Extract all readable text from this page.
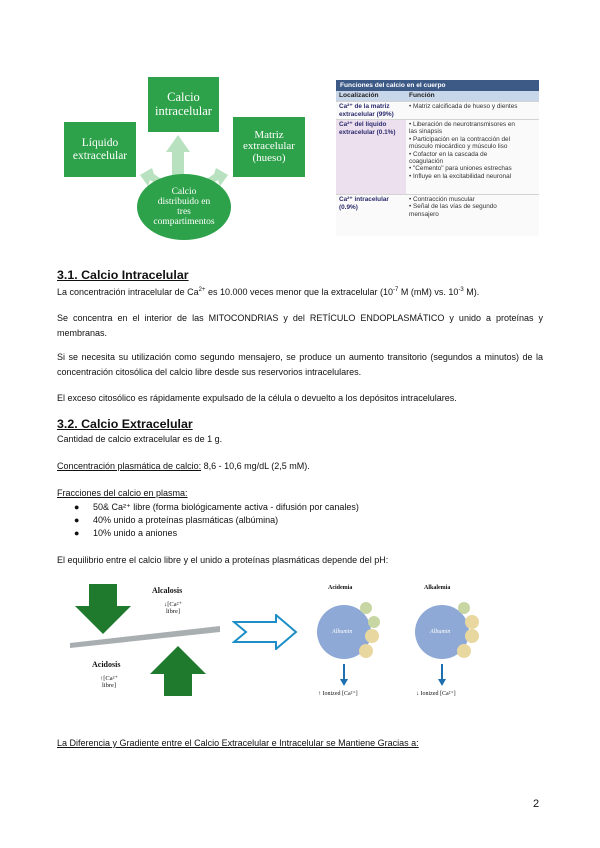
Calcio intracelular
Líquido extracelular
Matriz extracelular (hueso)
Calcio distribuido en tres compartimentos
Funciones del calcio en el cuerpo
Localización	Función
Ca²⁺ de la matriz extracelular (99%)
• Matriz calcificada de hueso y dientes
Ca²⁺ del líquido extracelular (0.1%)
• Liberación de neurotransmisores en
las sinapsis
• Participación en la contracción del
músculo miocárdico y músculo liso
• Cofactor en la cascada de
coagulación
• "Cemento" para uniones estrechas
• Influye en la excitabilidad neuronal
Ca²⁺ intracelular (0.9%)
• Contracción muscular
• Señal de las vías de segundo
mensajero
3.1. Calcio Intracelular
La concentración intracelular de $Ca^{2+}$ es 10.000 veces menor que la extracelular ($10^{-7}$ M (mM) vs. $10^{-3}$ M).
Se concentra en el interior de las MITOCONDRIAS y del RETÍCULO ENDOPLASMÁTICO y unido a proteínas y membranas.
Si se necesita su utilización como segundo mensajero, se produce un aumento transitorio (segundos a minutos) de la concentración citosólica del calcio libre desde sus reservorios intracelulares.
El exceso citosólico es rápidamente expulsado de la célula o devuelto a los depósitos intracelulares.
3.2. Calcio Extracelular
Cantidad de calcio extracelular es de 1 g.
Concentración plasmática de calcio: 8,6 - 10,6 mg/dL (2,5 mM).
Fracciones del calcio en plasma:
● 50& Ca²⁺ libre (forma biológicamente activa - difusión por canales)
● 40% unido a proteínas plasmáticas (albúmina)
● 10% unido a aniones
El equilibrio entre el calcio libre y el unido a proteínas plasmáticas depende del pH:
Alcalosis
↓[Ca²⁺ libre]
Acidosis
↑[Ca²⁺ libre]
Acidemia
Albumin
↑ Ionized [Ca²⁺]
Alkalemia
Albumin
↓ Ionized [Ca²⁺]
La Diferencia y Gradiente entre el Calcio Extracelular e Intracelular se Mantiene Gracias a:
2
